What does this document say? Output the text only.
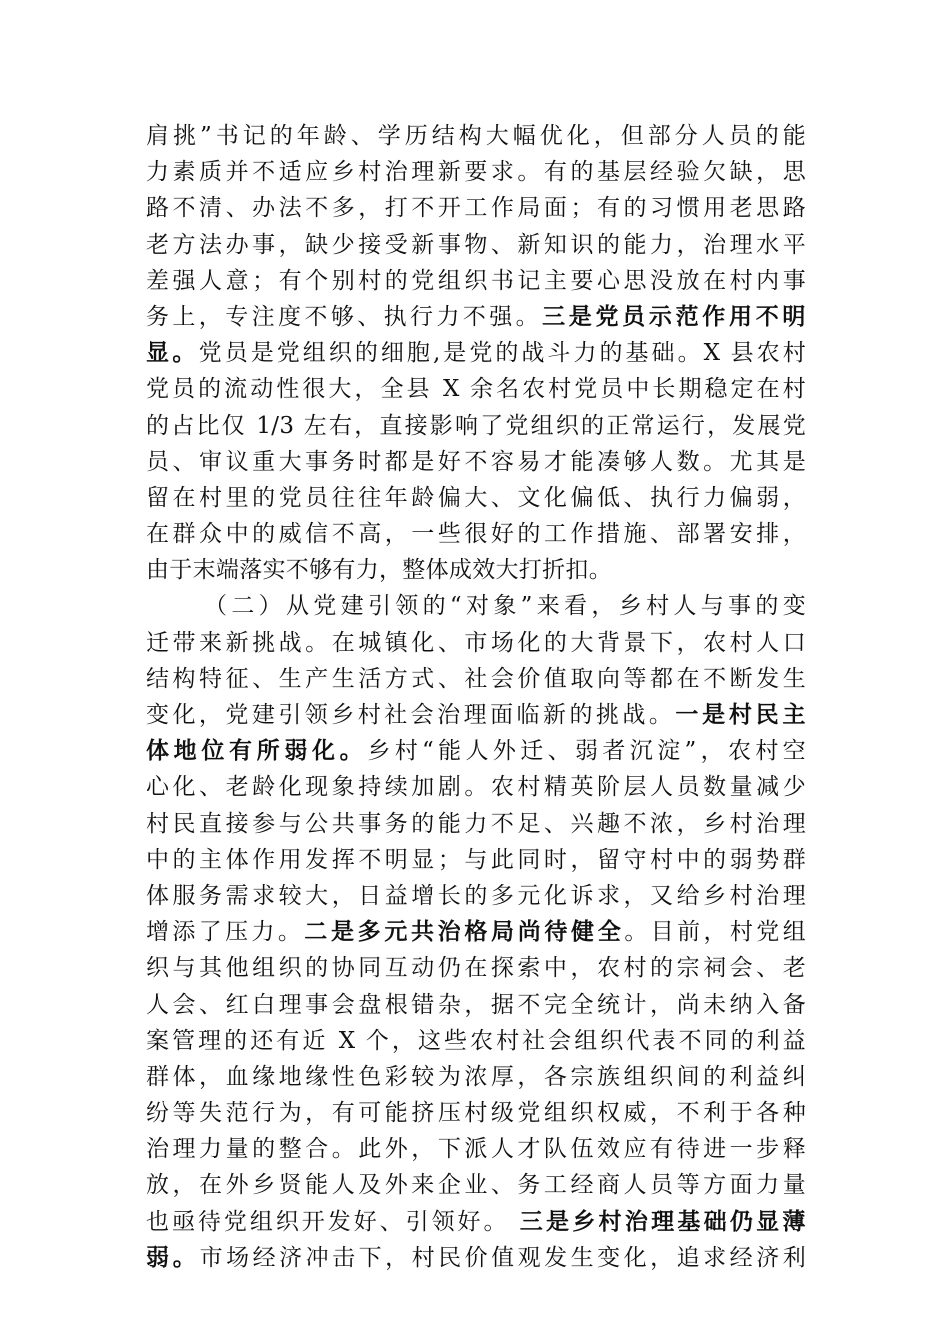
肩挑”书记的年龄、学历结构大幅优化，但部分人员的能
力素质并不适应乡村治理新要求。有的基层经验欠缺，思
路不清、办法不多，打不开工作局面；有的习惯用老思路
老方法办事，缺少接受新事物、新知识的能力，治理水平
差强人意；有个别村的党组织书记主要心思没放在村内事
务上，专注度不够、执行力不强。三是党员示范作用不明
显。党员是党组织的细胞,是党的战斗力的基础。X 县农村
党员的流动性很大，全县 X 余名农村党员中长期稳定在村
的占比仅 1/3 左右，直接影响了党组织的正常运行，发展党
员、审议重大事务时都是好不容易才能凑够人数。尤其是
留在村里的党员往往年龄偏大、文化偏低、执行力偏弱，
在群众中的威信不高，一些很好的工作措施、部署安排，
由于末端落实不够有力，整体成效大打折扣。
（二）从党建引领的“对象”来看，乡村人与事的变
迁带来新挑战。在城镇化、市场化的大背景下，农村人口
结构特征、生产生活方式、社会价值取向等都在不断发生
变化，党建引领乡村社会治理面临新的挑战。一是村民主
体地位有所弱化。乡村“能人外迁、弱者沉淀”，农村空
心化、老龄化现象持续加剧。农村精英阶层人员数量减少
村民直接参与公共事务的能力不足、兴趣不浓，乡村治理
中的主体作用发挥不明显；与此同时，留守村中的弱势群
体服务需求较大，日益增长的多元化诉求，又给乡村治理
增添了压力。二是多元共治格局尚待健全。目前，村党组
织与其他组织的协同互动仍在探索中，农村的宗祠会、老
人会、红白理事会盘根错杂，据不完全统计，尚未纳入备
案管理的还有近 X 个，这些农村社会组织代表不同的利益
群体，血缘地缘性色彩较为浓厚，各宗族组织间的利益纠
纷等失范行为，有可能挤压村级党组织权威，不利于各种
治理力量的整合。此外，下派人才队伍效应有待进一步释
放，在外乡贤能人及外来企业、务工经商人员等方面力量
也亟待党组织开发好、引领好。 三是乡村治理基础仍显薄
弱。市场经济冲击下，村民价值观发生变化，追求经济利
